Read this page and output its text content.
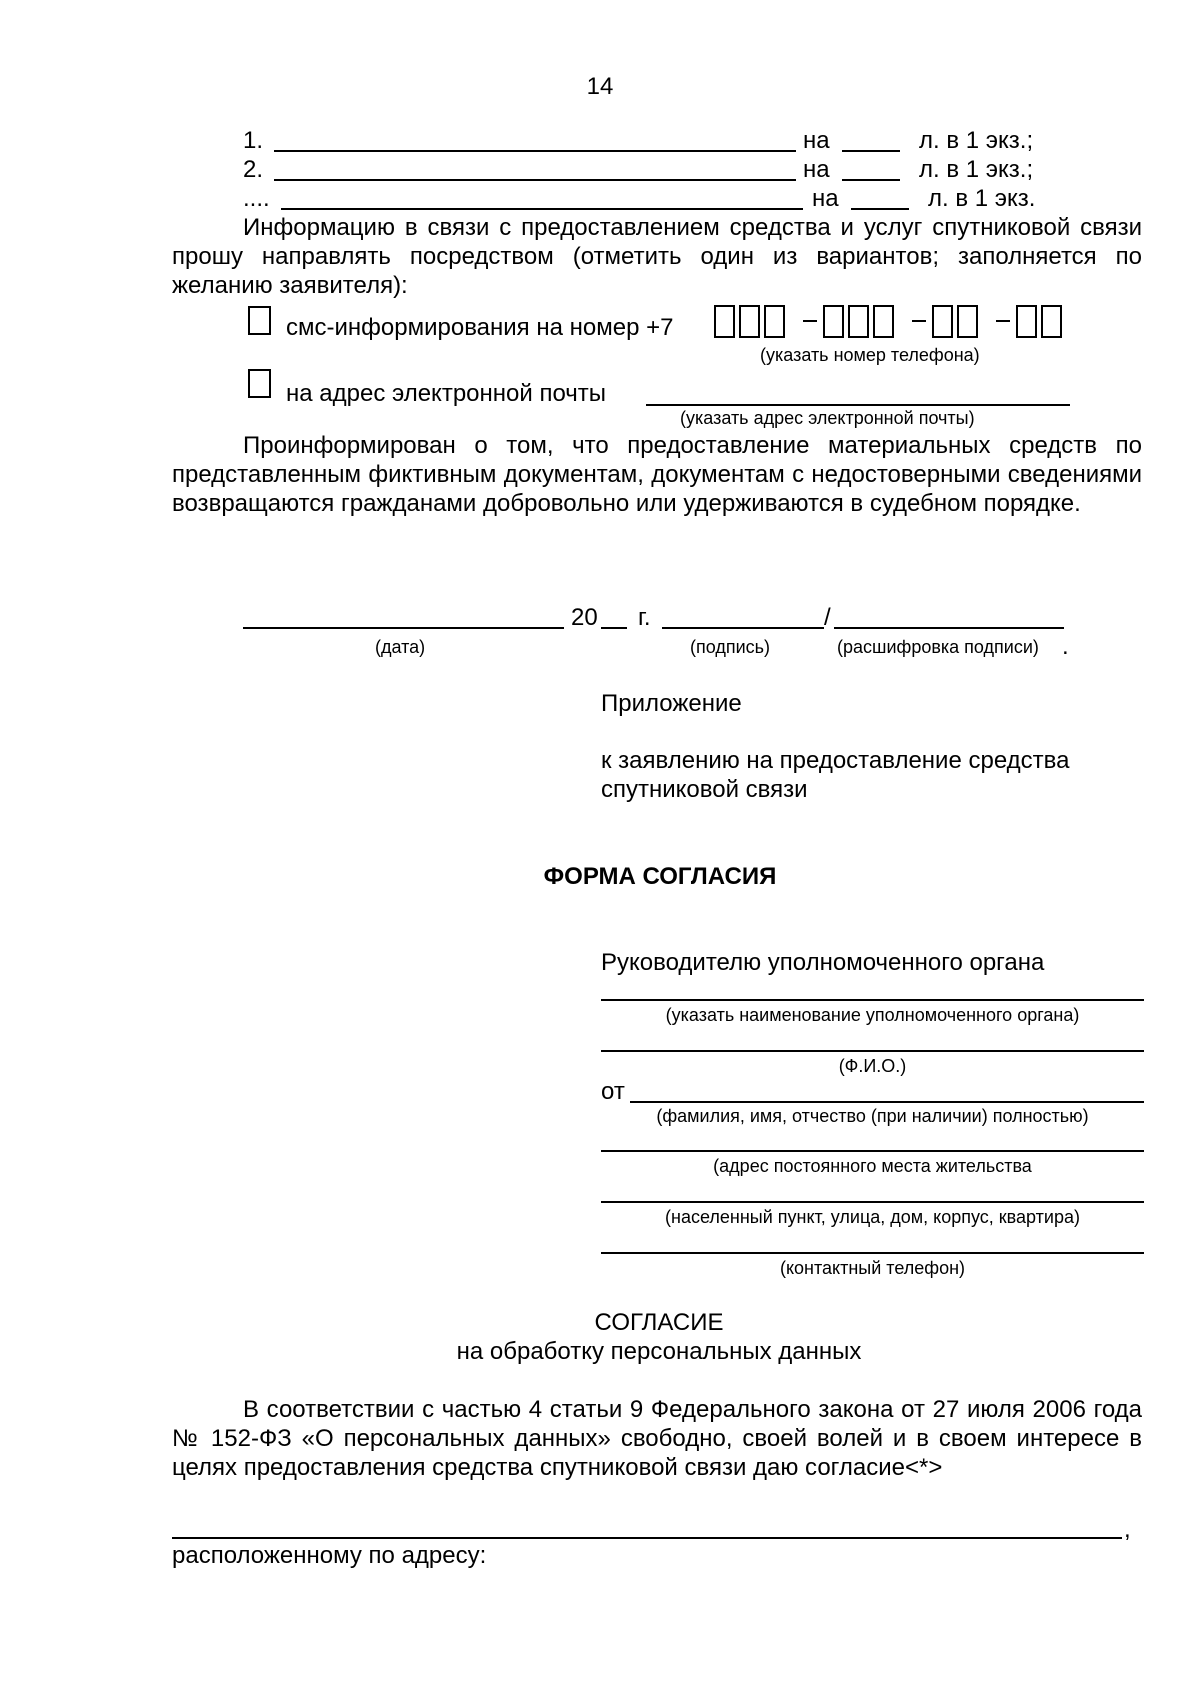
14
1.	на	л. в 1 экз.;
2.	на	л. в 1 экз.;
....	на	л. в 1 экз.
Информацию в связи с предоставлением средства и услуг спутниковой связи прошу направлять посредством (отметить один из вариантов; заполняется по желанию заявителя):
смс-информирования на номер +7
(указать номер телефона)
на адрес электронной почты
(указать адрес электронной почты)
Проинформирован о том, что предоставление материальных средств по представленным фиктивным документам, документам с недостоверными сведениями возвращаются гражданами добровольно или удерживаются в судебном порядке.
20 г.	/
(дата)	(подпись)	(расшифровка подписи) .
Приложение
к заявлению на предоставление средства спутниковой связи
ФОРМА СОГЛАСИЯ
Руководителю уполномоченного органа
(указать наименование уполномоченного органа)
(Ф.И.О.)
от
(фамилия, имя, отчество (при наличии) полностью)
(адрес постоянного места жительства
(населенный пункт, улица, дом, корпус, квартира)
(контактный телефон)
СОГЛАСИЕ
на обработку персональных данных
В соответствии с частью 4 статьи 9 Федерального закона от 27 июля 2006 года № 152-ФЗ «О персональных данных» свободно, своей волей и в своем интересе в целях предоставления средства спутниковой связи даю согласие<*>
,
расположенному по адресу:
